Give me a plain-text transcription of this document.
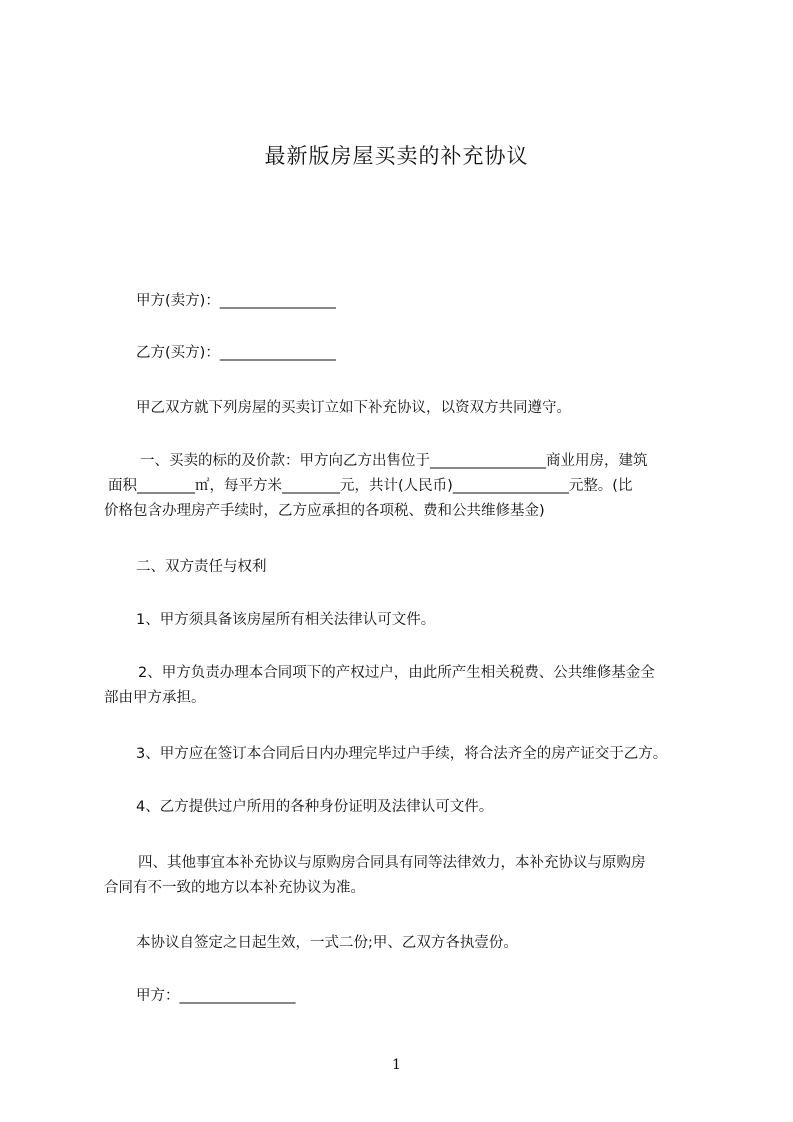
最新版房屋买卖的补充协议

甲方(卖方)：________________

乙方(买方)：________________

甲乙双方就下列房屋的买卖订立如下补充协议，以资双方共同遵守。

一、买卖的标的及价款：甲方向乙方出售位于________________商业用房，建筑
面积________㎡，每平方米________元，共计(人民币)________________元整。(比
价格包含办理房产手续时，乙方应承担的各项税、费和公共维修基金)

二、双方责任与权利

1、甲方须具备该房屋所有相关法律认可文件。

2、甲方负责办理本合同项下的产权过户，由此所产生相关税费、公共维修基金全
部由甲方承担。

3、甲方应在签订本合同后日内办理完毕过户手续，将合法齐全的房产证交于乙方。

4、乙方提供过户所用的各种身份证明及法律认可文件。

四、其他事宜本补充协议与原购房合同具有同等法律效力，本补充协议与原购房
合同有不一致的地方以本补充协议为准。

本协议自签定之日起生效，一式二份;甲、乙双方各执壹份。

甲方：________________

1
